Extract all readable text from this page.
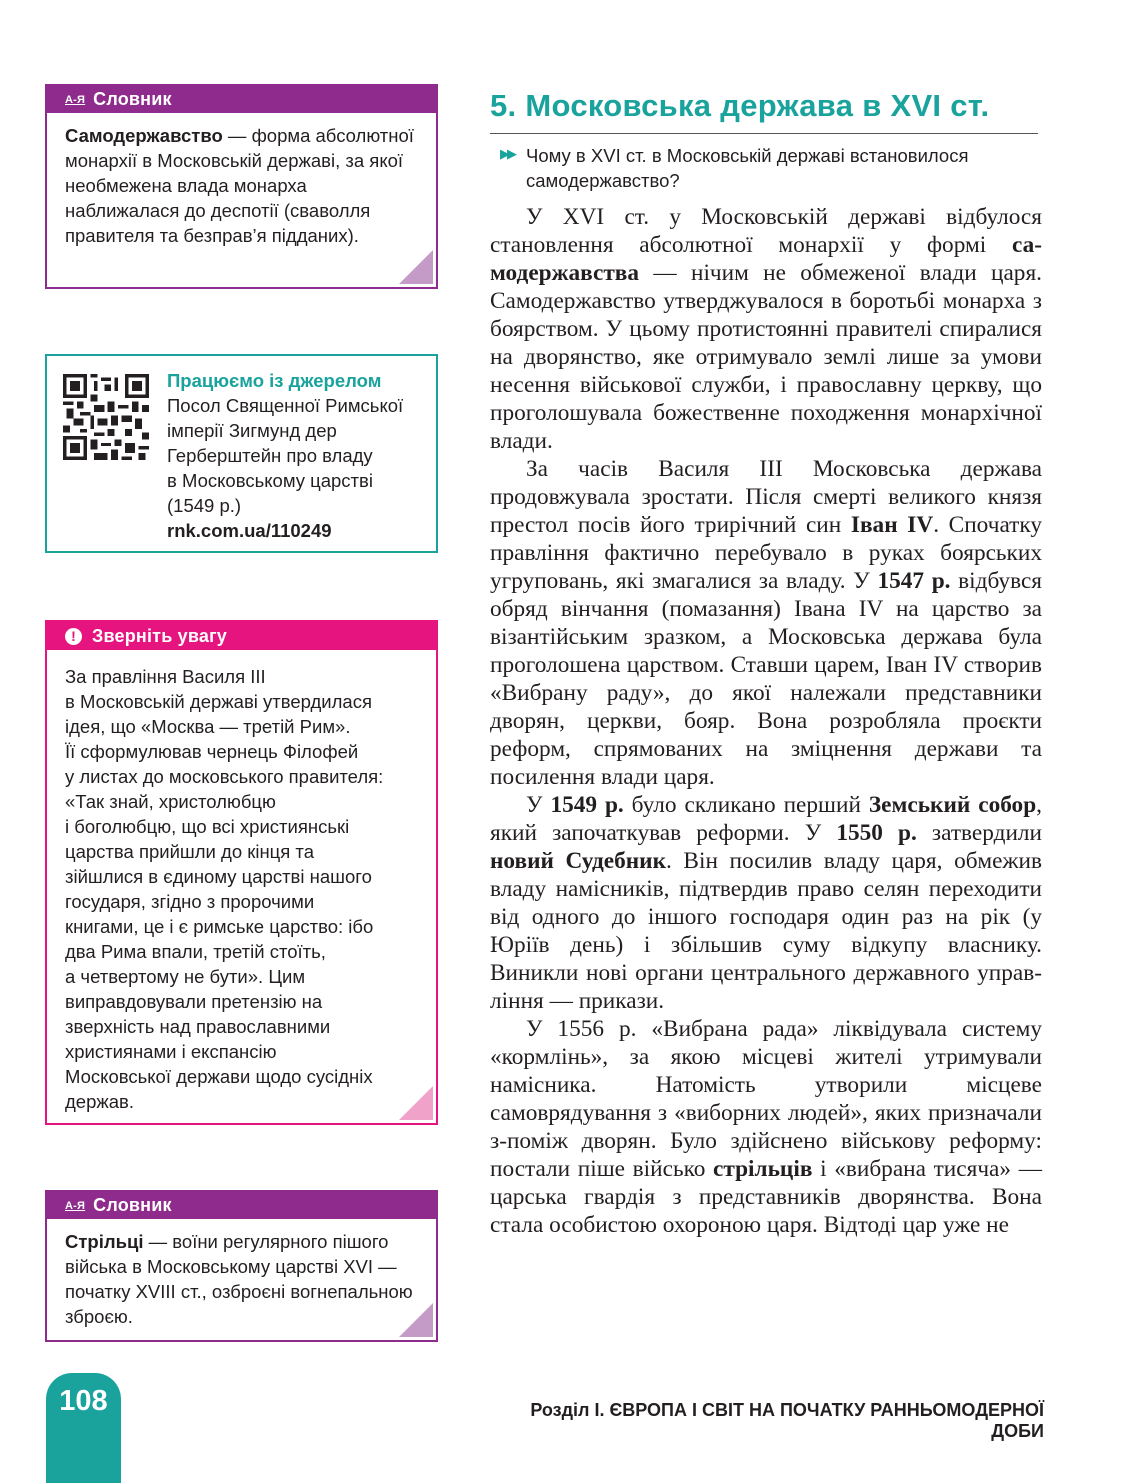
А-Я Словник
Самодержавство — форма абсолютної монархії в Московській державі, за якої необмежена влада монарха наближалася до деспотії (сваволля правителя та безправ’я підданих).
Працюємо із джерелом
Посол Священної Римської
імперії Зигмунд дер
Герберштейн про владу
в Московському царстві
(1549 р.)
rnk.com.ua/110249
! Зверніть увагу
За правління Василя ІІІ
в Московській державі утвердилася
ідея, що «Москва — третій Рим».
Її сформулював чернець Філофей
у листах до московського правителя:
«Так знай, христолюбцю
і боголюбцю, що всі християнські
царства прийшли до кінця та
зійшлися в єдиному царстві нашого
государя, згідно з пророчими
книгами, це і є римське царство: ібо
два Рима впали, третій стоїть,
а четвертому не бути». Цим
виправдовували претензію на
зверхність над православними
християнами і експансію
Московської держави щодо сусідніх
держав.
А-Я Словник
Стрільці — воїни регулярного пішого війська в Московському царстві XVI — початку XVIII ст., озброєні вогнепальною зброєю.
5. Московська держава в XVI ст.
▶▶ Чому в XVI ст. в Московській державі встановилося самодержавство?

У XVI ст. у Московській державі відбулося становлення абсолютної монархії у формі самодержавства — нічим не обмеженої влади царя. Самодержавство утверджувалося в боротьбі монарха з боярством. У цьому протистоянні правителі спиралися на дворянство, яке отримувало землі лише за умови несення військової служби, і православну церкву, що проголошувала божественне походження монархічної влади.

За часів Василя ІІІ Московська держава продовжувала зростати. Після смерті великого князя престол посів його трирічний син Іван IV. Спочатку правління фактично перебувало в руках боярських угруповань, які змагалися за владу. У 1547 р. відбувся обряд вінчання (помазання) Івана IV на царство за візантійським зразком, а Московська держава була проголошена царством. Ставши царем, Іван IV створив «Вибрану раду», до якої належали представники дворян, церкви, бояр. Вона розробляла проєкти реформ, спрямованих на зміцнення держави та посилення влади царя.

У 1549 р. було скликано перший Земський собор, який започаткував реформи. У 1550 р. затвердили новий Судебник. Він посилив владу царя, обмежив владу намісників, підтвердив право селян переходити від одного до іншого господаря один раз на рік (у Юріїв день) і збільшив суму відкупу власнику. Виникли нові органи центрального державного управління — прикази.

У 1556 р. «Вибрана рада» ліквідувала систему «кормлінь», за якою місцеві жителі утримували намісника. Натомість утворили місцеве самоврядування з «виборних людей», яких призначали з-поміж дворян. Було здійснено військову реформу: постали піше військо стрільців і «вибрана тисяча» — царська гвардія з представників дворянства. Вона стала особистою охороною царя. Відтоді цар уже не

108	Розділ І. ЄВРОПА І СВІТ НА ПОЧАТКУ РАННЬОМОДЕРНОЇ ДОБИ
